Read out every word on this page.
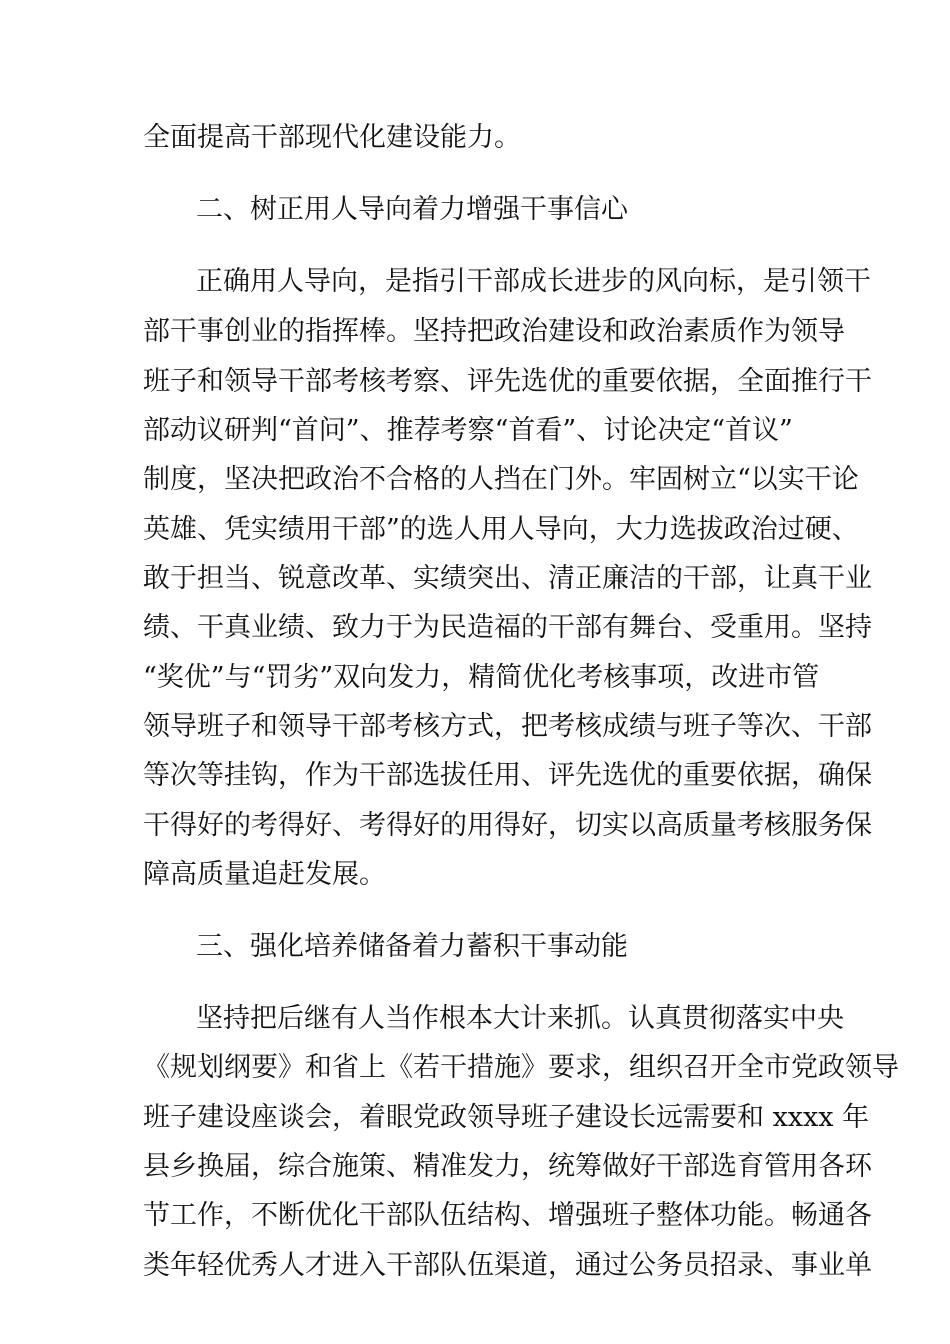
全面提高干部现代化建设能力。
二、树正用人导向着力增强干事信心
正确用人导向，是指引干部成长进步的风向标，是引领干
部干事创业的指挥棒。坚持把政治建设和政治素质作为领导
班子和领导干部考核考察、评先选优的重要依据，全面推行干
部动议研判“首问”、推荐考察“首看”、讨论决定“首议”
制度，坚决把政治不合格的人挡在门外。牢固树立“以实干论
英雄、凭实绩用干部”的选人用人导向，大力选拔政治过硬、
敢于担当、锐意改革、实绩突出、清正廉洁的干部，让真干业
绩、干真业绩、致力于为民造福的干部有舞台、受重用。坚持
“奖优”与“罚劣”双向发力，精简优化考核事项，改进市管
领导班子和领导干部考核方式，把考核成绩与班子等次、干部
等次等挂钩，作为干部选拔任用、评先选优的重要依据，确保
干得好的考得好、考得好的用得好，切实以高质量考核服务保
障高质量追赶发展。
三、强化培养储备着力蓄积干事动能
坚持把后继有人当作根本大计来抓。认真贯彻落实中央
《规划纲要》和省上《若干措施》要求，组织召开全市党政领导
班子建设座谈会，着眼党政领导班子建设长远需要和 xxxx 年
县乡换届，综合施策、精准发力，统筹做好干部选育管用各环
节工作，不断优化干部队伍结构、增强班子整体功能。畅通各
类年轻优秀人才进入干部队伍渠道，通过公务员招录、事业单
